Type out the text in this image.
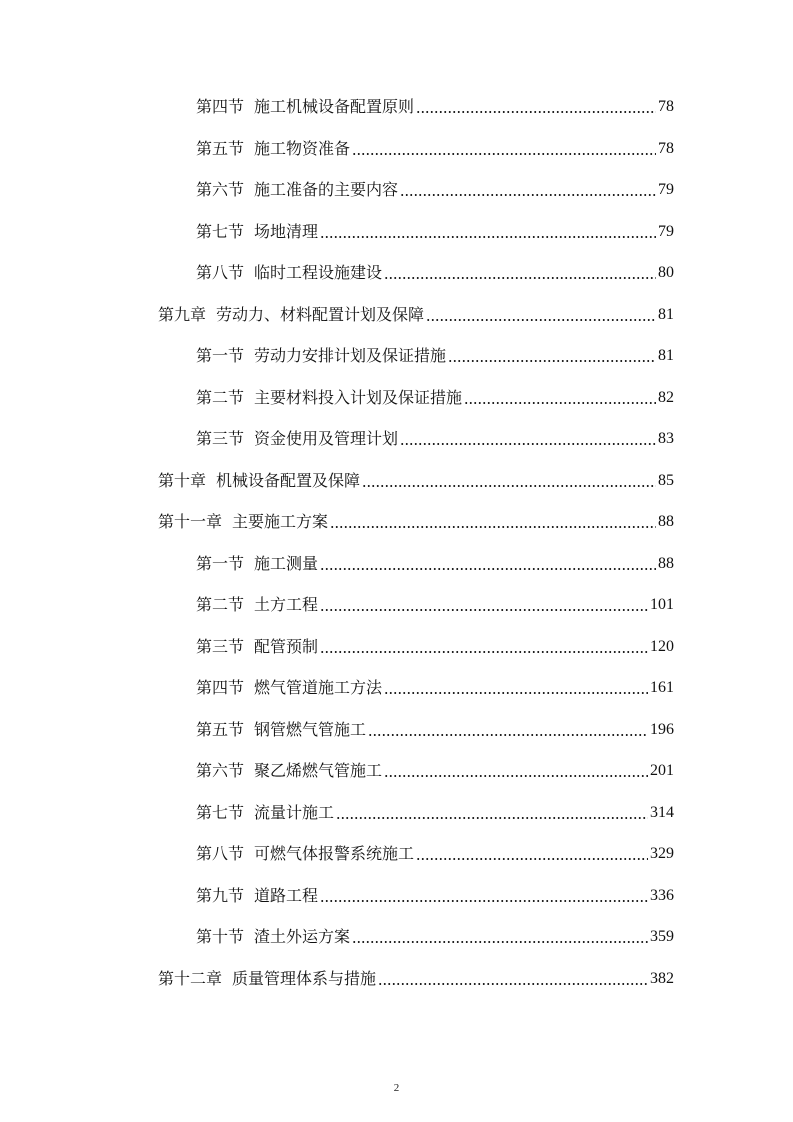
第四节 施工机械设备配置原则	78
第五节 施工物资准备	78
第六节 施工准备的主要内容	79
第七节 场地清理	79
第八节 临时工程设施建设	80
第九章 劳动力、材料配置计划及保障	81
第一节 劳动力安排计划及保证措施	81
第二节 主要材料投入计划及保证措施	82
第三节 资金使用及管理计划	83
第十章 机械设备配置及保障	85
第十一章 主要施工方案	88
第一节 施工测量	88
第二节 土方工程	101
第三节 配管预制	120
第四节 燃气管道施工方法	161
第五节 钢管燃气管施工	196
第六节 聚乙烯燃气管施工	201
第七节 流量计施工	314
第八节 可燃气体报警系统施工	329
第九节 道路工程	336
第十节 渣土外运方案	359
第十二章 质量管理体系与措施	382
2
